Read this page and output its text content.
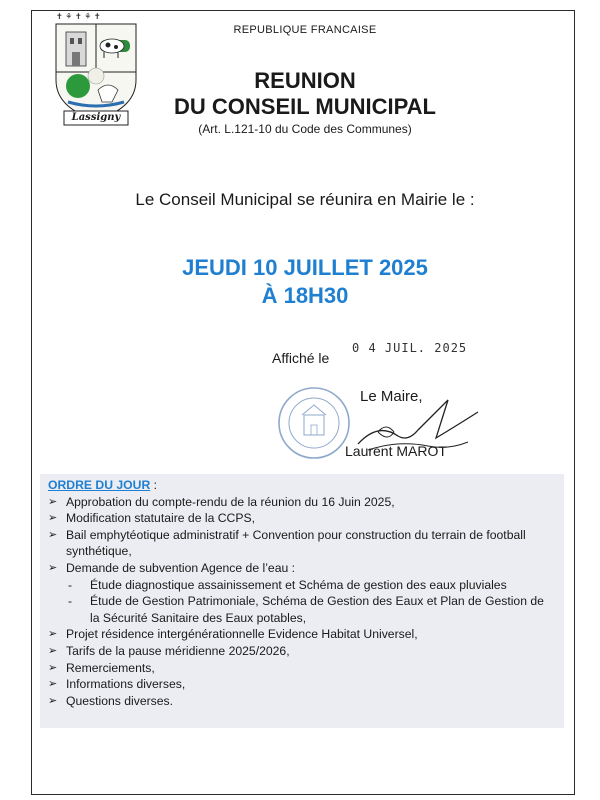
✝ ⚘ ✝ ⚘ ✝
Lassigny
REPUBLIQUE FRANCAISE
REUNION
DU CONSEIL MUNICIPAL
(Art. L.121-10 du Code des Communes)
Le Conseil Municipal se réunira en Mairie le :
JEUDI 10 JUILLET 2025
À 18H30
Affiché le
0 4 JUIL. 2025
Le Maire,
Laurent MAROT
ORDRE DU JOUR :
➢ Approbation du compte-rendu de la réunion du 16 Juin 2025,
➢ Modification statutaire de la CCPS,
➢ Bail emphytéotique administratif + Convention pour construction du terrain de football synthétique,
➢ Demande de subvention Agence de l’eau :
- Étude diagnostique assainissement et Schéma de gestion des eaux pluviales
- Étude de Gestion Patrimoniale, Schéma de Gestion des Eaux et Plan de Gestion de la Sécurité Sanitaire des Eaux potables,
➢ Projet résidence intergénérationnelle Evidence Habitat Universel,
➢ Tarifs de la pause méridienne 2025/2026,
➢ Remerciements,
➢ Informations diverses,
➢ Questions diverses.
